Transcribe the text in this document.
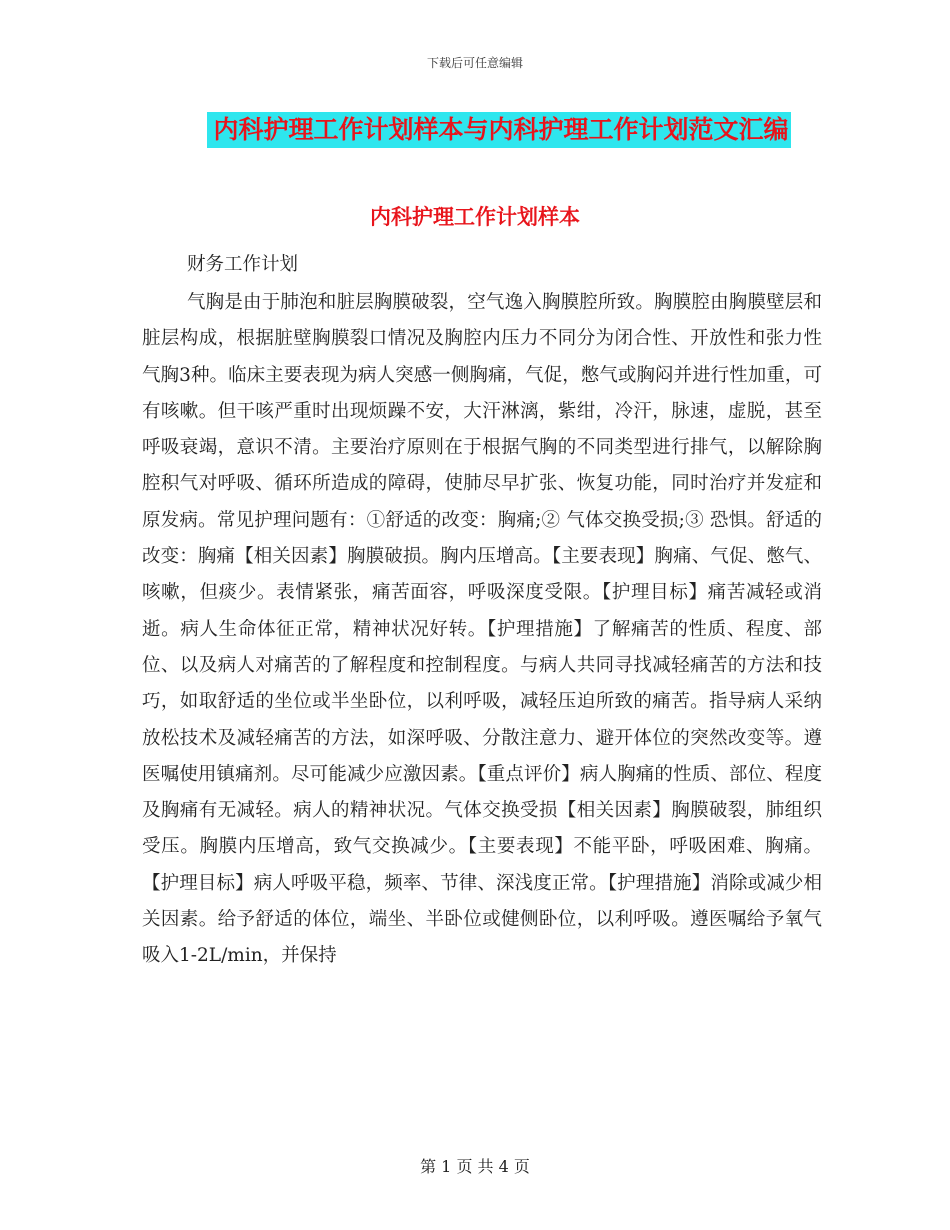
下载后可任意编辑
内科护理工作计划样本与内科护理工作计划范文汇编
内科护理工作计划样本
财务工作计划

气胸是由于肺泡和脏层胸膜破裂，空气逸入胸膜腔所致。胸膜腔由胸膜壁层和脏层构成，根据脏壁胸膜裂口情况及胸腔内压力不同分为闭合性、开放性和张力性气胸3种。临床主要表现为病人突感一侧胸痛，气促，憋气或胸闷并进行性加重，可有咳嗽。但干咳严重时出现烦躁不安，大汗淋漓，紫绀，冷汗，脉速，虚脱，甚至呼吸衰竭，意识不清。主要治疗原则在于根据气胸的不同类型进行排气，以解除胸腔积气对呼吸、循环所造成的障碍，使肺尽早扩张、恢复功能，同时治疗并发症和原发病。常见护理问题有：①舒适的改变：胸痛;② 气体交换受损;③ 恐惧。舒适的改变：胸痛【相关因素】胸膜破损。胸内压增高。【主要表现】胸痛、气促、憋气、咳嗽，但痰少。表情紧张，痛苦面容，呼吸深度受限。【护理目标】痛苦减轻或消逝。病人生命体征正常，精神状况好转。【护理措施】了解痛苦的性质、程度、部位、以及病人对痛苦的了解程度和控制程度。与病人共同寻找减轻痛苦的方法和技巧，如取舒适的坐位或半坐卧位，以利呼吸，减轻压迫所致的痛苦。指导病人采纳放松技术及减轻痛苦的方法，如深呼吸、分散注意力、避开体位的突然改变等。遵医嘱使用镇痛剂。尽可能减少应激因素。【重点评价】病人胸痛的性质、部位、程度及胸痛有无减轻。病人的精神状况。气体交换受损【相关因素】胸膜破裂，肺组织受压。胸膜内压增高，致气交换减少。【主要表现】不能平卧，呼吸困难、胸痛。【护理目标】病人呼吸平稳，频率、节律、深浅度正常。【护理措施】消除或减少相关因素。给予舒适的体位，端坐、半卧位或健侧卧位，以利呼吸。遵医嘱给予氧气吸入1-2L/min，并保持

第 1 页 共 4 页
